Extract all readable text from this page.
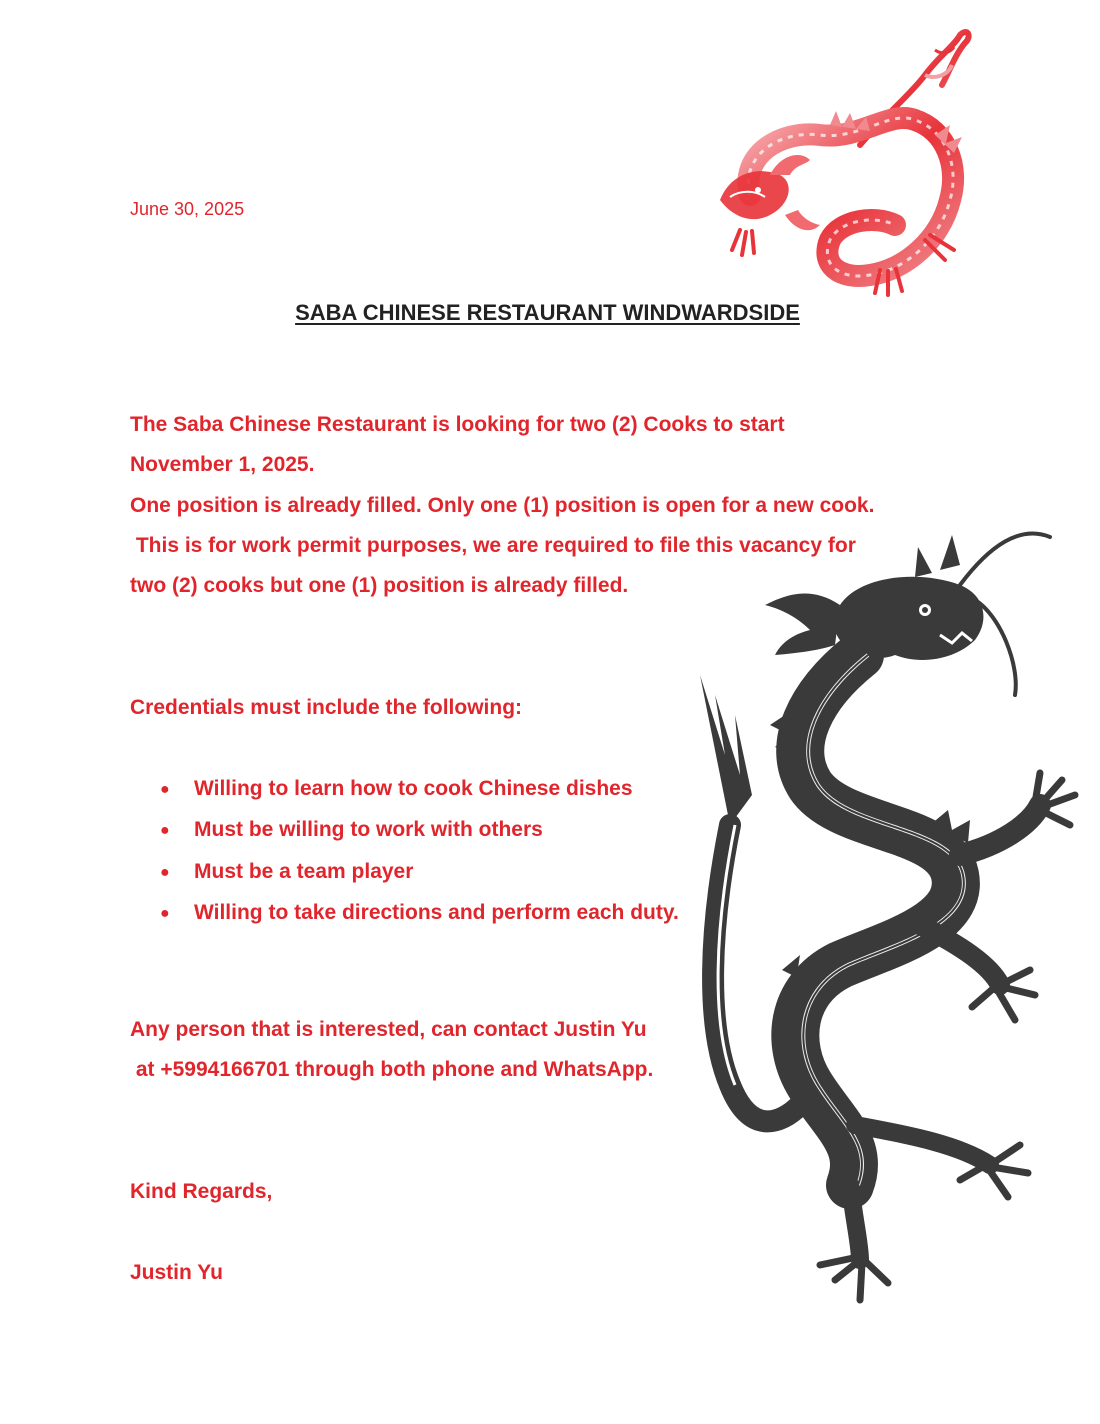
June 30, 2025

SABA CHINESE RESTAURANT WINDWARDSIDE
The Saba Chinese Restaurant is looking for two (2) Cooks to start
November 1, 2025.
One position is already filled. Only one (1) position is open for a new cook.
This is for work permit purposes, we are required to file this vacancy for
two (2) cooks but one (1) position is already filled.
Credentials must include the following:
● Willing to learn how to cook Chinese dishes
● Must be willing to work with others
● Must be a team player
● Willing to take directions and perform each duty.
Any person that is interested, can contact Justin Yu
at +5994166701 through both phone and WhatsApp.
Kind Regards,
Justin Yu
